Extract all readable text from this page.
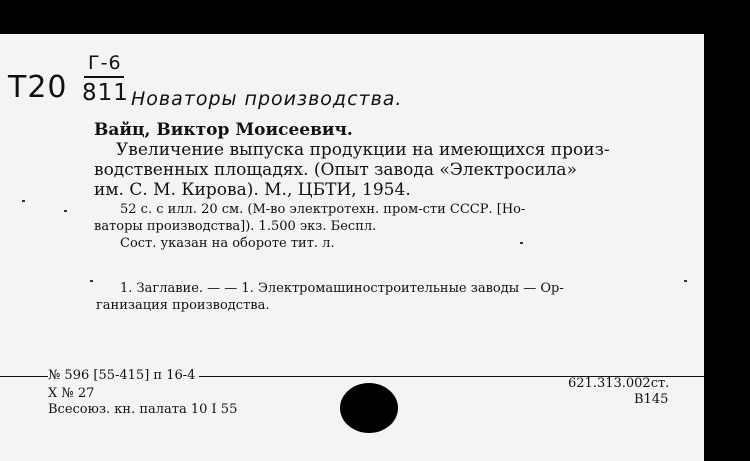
Т20
Г-6
811 Новаторы производства.
Вайц, Виктор Моисеевич.
Увеличение выпуска продукции на имеющихся произ-
водственных площадях. (Опыт завода «Электросила»
им. С. М. Кирова). М., ЦБТИ, 1954.
52 с. с илл. 20 см. (М-во электротехн. пром-сти СССР. [Но-
ваторы производства]). 1.500 экз. Беспл.
Сост. указан на обороте тит. л.
1. Заглавие. — — 1. Электромашиностроительные заводы — Ор-
ганизация производства.
№ 596 [55-415] п 16-4
Х № 27
Всесоюз. кн. палата 10 I 55
621.313.002ст.
В145
